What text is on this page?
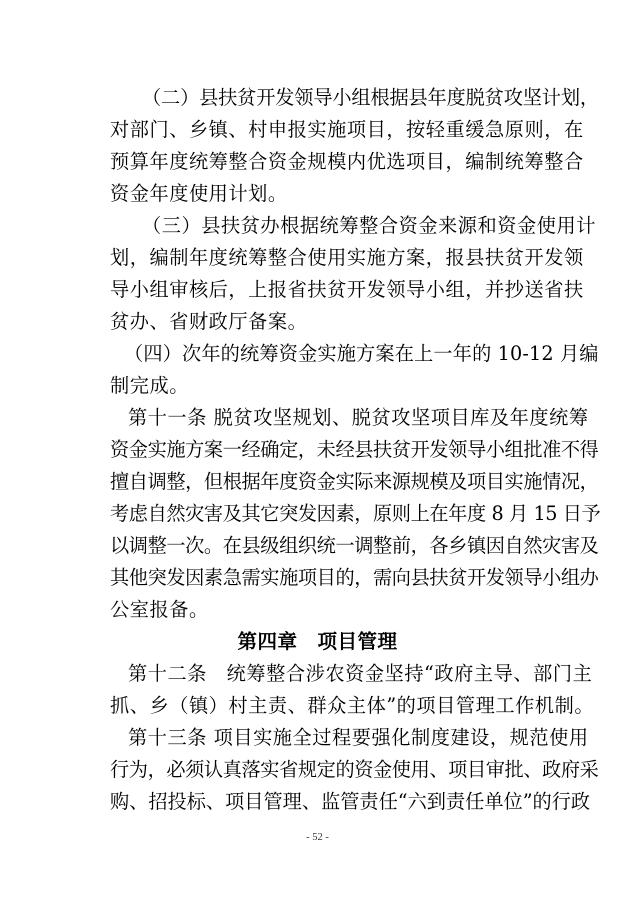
（二）县扶贫开发领导小组根据县年度脱贫攻坚计划，
对部门、乡镇、村申报实施项目，按轻重缓急原则，在
预算年度统筹整合资金规模内优选项目，编制统筹整合
资金年度使用计划。
（三）县扶贫办根据统筹整合资金来源和资金使用计
划，编制年度统筹整合使用实施方案，报县扶贫开发领
导小组审核后，上报省扶贫开发领导小组，并抄送省扶
贫办、省财政厅备案。
（四）次年的统筹资金实施方案在上一年的 10-12 月编
制完成。
第十一条 脱贫攻坚规划、脱贫攻坚项目库及年度统筹
资金实施方案一经确定，未经县扶贫开发领导小组批准不得
擅自调整，但根据年度资金实际来源规模及项目实施情况，
考虑自然灾害及其它突发因素，原则上在年度 8 月 15 日予
以调整一次。在县级组织统一调整前，各乡镇因自然灾害及
其他突发因素急需实施项目的，需向县扶贫开发领导小组办
公室报备。
第四章　项目管理
第十二条　统筹整合涉农资金坚持“政府主导、部门主
抓、乡（镇）村主责、群众主体”的项目管理工作机制。
第十三条 项目实施全过程要强化制度建设，规范使用
行为，必须认真落实省规定的资金使用、项目审批、政府采
购、招投标、项目管理、监管责任“六到责任单位”的行政
- 52 -
